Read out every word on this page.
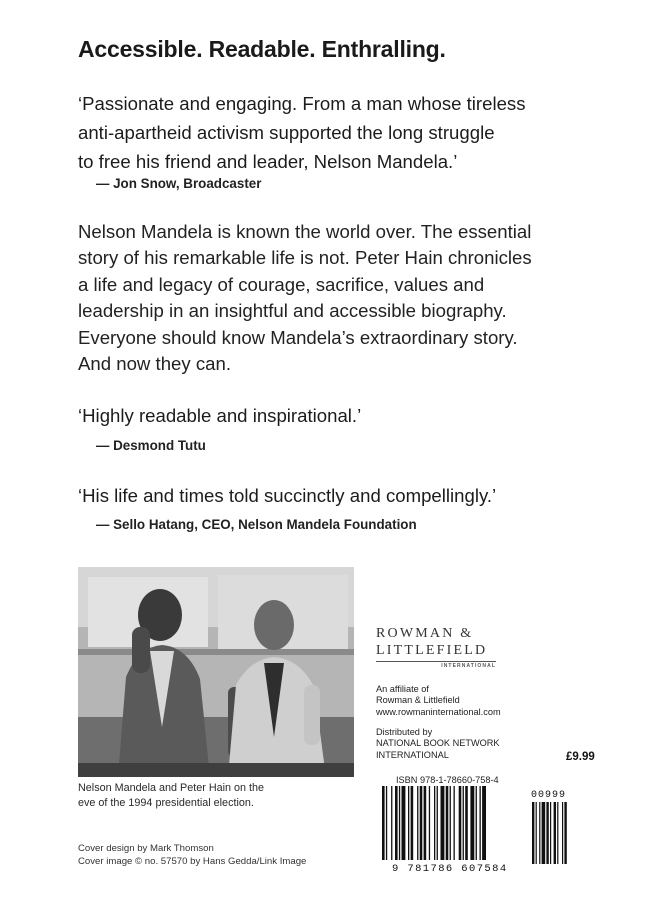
Accessible. Readable. Enthralling.
‘Passionate and engaging. From a man whose tireless
anti-apartheid activism supported the long struggle
to free his friend and leader, Nelson Mandela.’
— Jon Snow, Broadcaster
Nelson Mandela is known the world over. The essential
story of his remarkable life is not. Peter Hain chronicles
a life and legacy of courage, sacrifice, values and
leadership in an insightful and accessible biography.
Everyone should know Mandela’s extraordinary story.
And now they can.
‘Highly readable and inspirational.’
— Desmond Tutu
‘His life and times told succinctly and compellingly.’
— Sello Hatang, CEO, Nelson Mandela Foundation
Nelson Mandela and Peter Hain on the
eve of the 1994 presidential election.
Cover design by Mark Thomson
Cover image © no. 57570 by Hans Gedda/Link Image
ROWMAN &
LITTLEFIELD
INTERNATIONAL
An affiliate of
Rowman & Littlefield
www.rowmaninternational.com
Distributed by
NATIONAL BOOK NETWORK
INTERNATIONAL	£9.99
ISBN 978-1-78660-758-4
00999
9 781786 607584
